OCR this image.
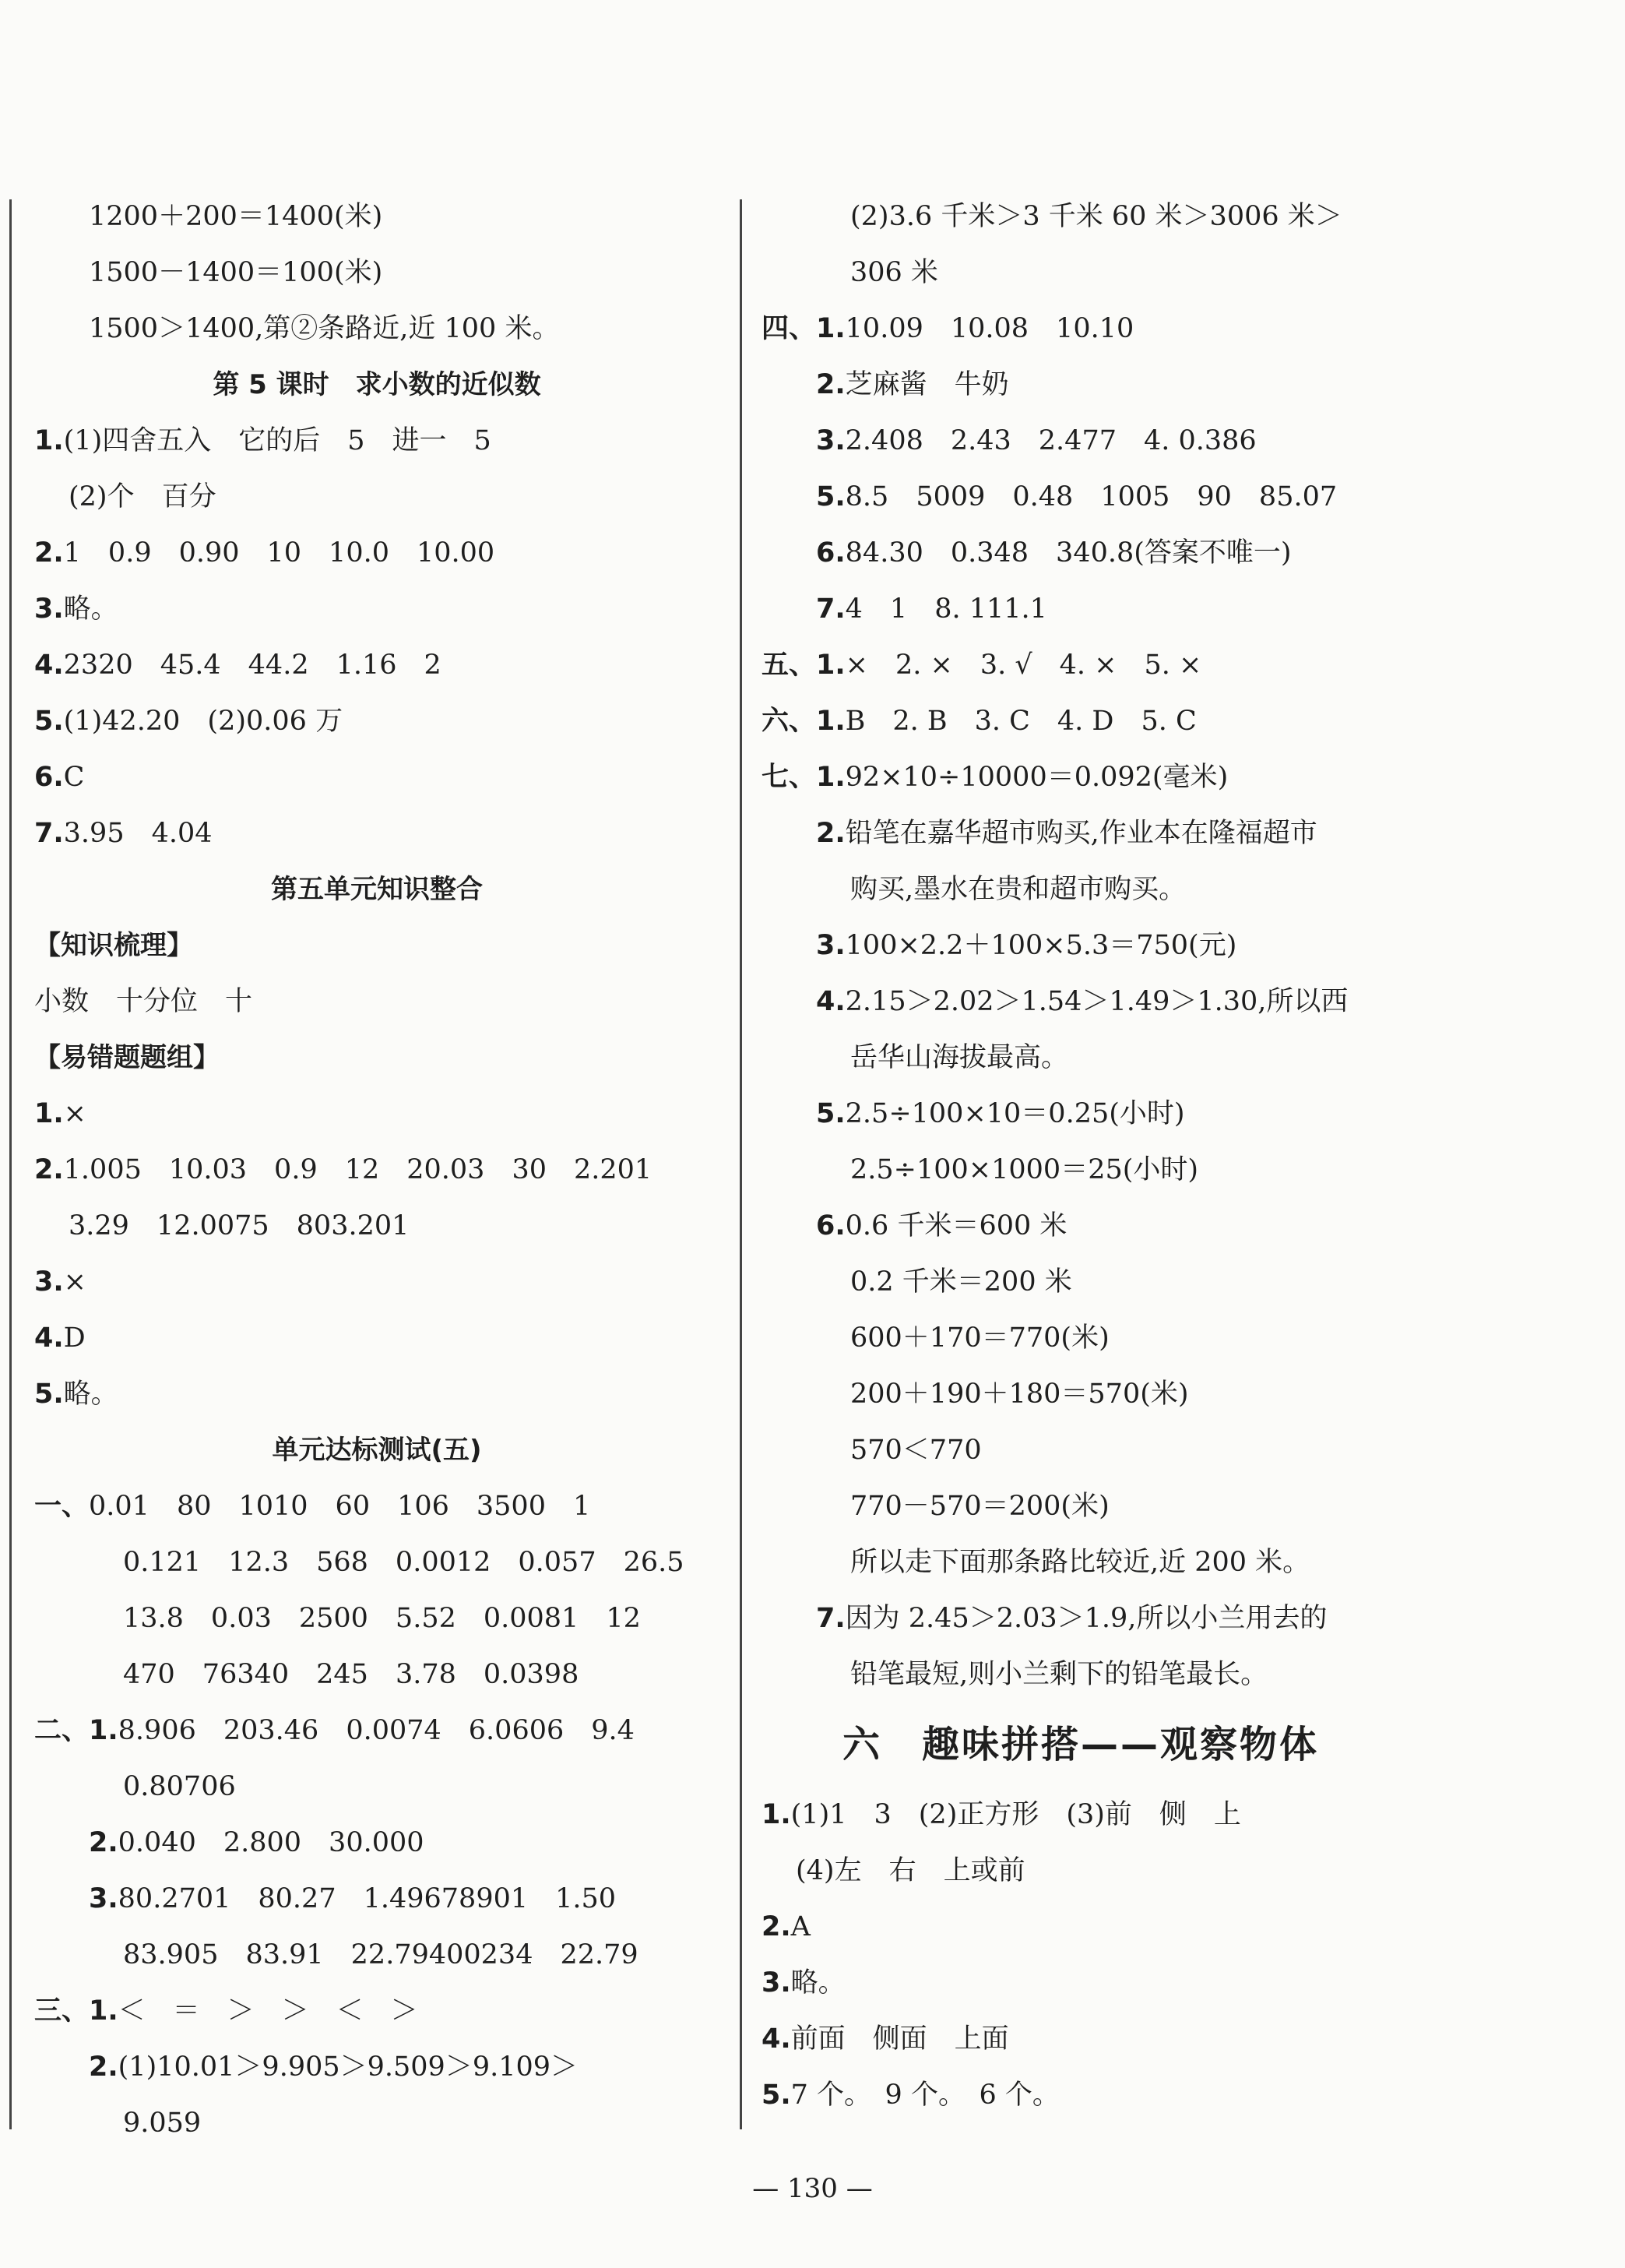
1200＋200＝1400(米)
1500－1400＝100(米)
1500＞1400,第②条路近,近 100 米。
第 5 课时　求小数的近似数
1.(1)四舍五入　它的后　5　进一　5
(2)个　百分
2.1　0.9　0.90　10　10.0　10.00
3.略。
4.2320　45.4　44.2　1.16　2
5.(1)42.20　(2)0.06 万
6.C
7.3.95　4.04
第五单元知识整合
【知识梳理】
小数　十分位　十
【易错题题组】
1.×
2.1.005　10.03　0.9　12　20.03　30　2.201
3.29　12.0075　803.201
3.×
4.D
5.略。
单元达标测试(五)
一、0.01　80　1010　60　106　3500　1
0.121　12.3　568　0.0012　0.057　26.5
13.8　0.03　2500　5.52　0.0081　12
470　76340　245　3.78　0.0398
二、1.8.906　203.46　0.0074　6.0606　9.4
0.80706
2.0.040　2.800　30.000
3.80.2701　80.27　1.49678901　1.50
83.905　83.91　22.79400234　22.79
三、1.＜　＝　＞　＞　＜　＞
2.(1)10.01＞9.905＞9.509＞9.109＞
9.059
(2)3.6 千米＞3 千米 60 米＞3006 米＞
306 米
四、1.10.09　10.08　10.10
2.芝麻酱　牛奶
3.2.408　2.43　2.477　4. 0.386
5.8.5　5009　0.48　1005　90　85.07
6.84.30　0.348　340.8(答案不唯一)
7.4　1　8. 111.1
五、1.×　2. ×　3. √　4. ×　5. ×
六、1.B　2. B　3. C　4. D　5. C
七、1.92×10÷10000＝0.092(毫米)
2.铅笔在嘉华超市购买,作业本在隆福超市
购买,墨水在贵和超市购买。
3.100×2.2＋100×5.3＝750(元)
4.2.15＞2.02＞1.54＞1.49＞1.30,所以西
岳华山海拔最高。
5.2.5÷100×10＝0.25(小时)
2.5÷100×1000＝25(小时)
6.0.6 千米＝600 米
0.2 千米＝200 米
600＋170＝770(米)
200＋190＋180＝570(米)
570＜770
770－570＝200(米)
所以走下面那条路比较近,近 200 米。
7.因为 2.45＞2.03＞1.9,所以小兰用去的
铅笔最短,则小兰剩下的铅笔最长。
六　趣味拼搭——观察物体
1.(1)1　3　(2)正方形　(3)前　侧　上
(4)左　右　上或前
2.A
3.略。
4.前面　侧面　上面
5.7 个。　9 个。　6 个。
— 130 —
